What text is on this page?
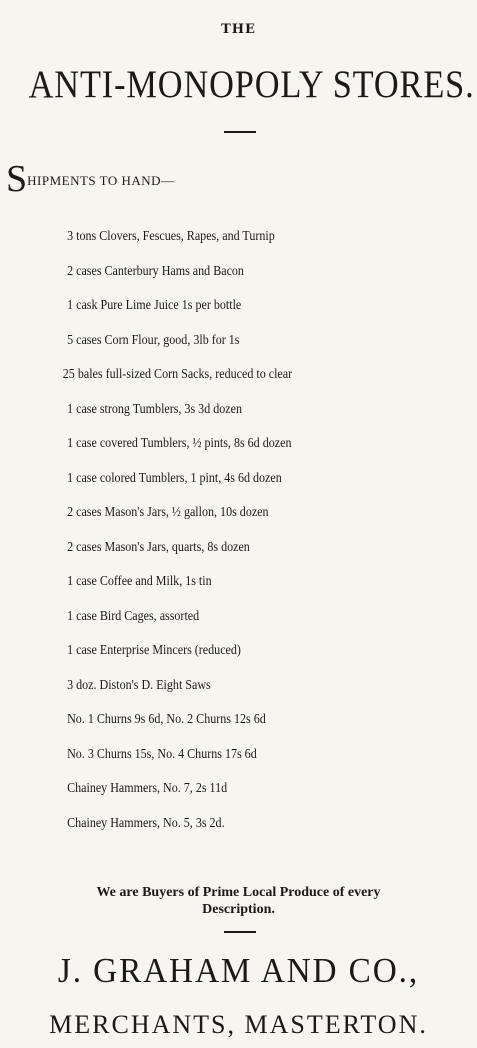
THE
ANTI-MONOPOLY STORES.
SHIPMENTS TO HAND—
3 tons Clovers, Fescues, Rapes, and Turnip
2 cases Canterbury Hams and Bacon
1 cask Pure Lime Juice 1s per bottle
5 cases Corn Flour, good, 3lb for 1s
25 bales full-sized Corn Sacks, reduced to clear
1 case strong Tumblers, 3s 3d dozen
1 case covered Tumblers, ½ pints, 8s 6d dozen
1 case colored Tumblers, 1 pint, 4s 6d dozen
2 cases Mason's Jars, ½ gallon, 10s dozen
2 cases Mason's Jars, quarts, 8s dozen
1 case Coffee and Milk, 1s tin
1 case Bird Cages, assorted
1 case Enterprise Mincers (reduced)
3 doz. Diston's D. Eight Saws
No. 1 Churns 9s 6d, No. 2 Churns 12s 6d
No. 3 Churns 15s, No. 4 Churns 17s 6d
Chainey Hammers, No. 7, 2s 11d
Chainey Hammers, No. 5, 3s 2d.
We are Buyers of Prime Local Produce of every
Description.
J. GRAHAM AND CO.,
MERCHANTS, MASTERTON.
